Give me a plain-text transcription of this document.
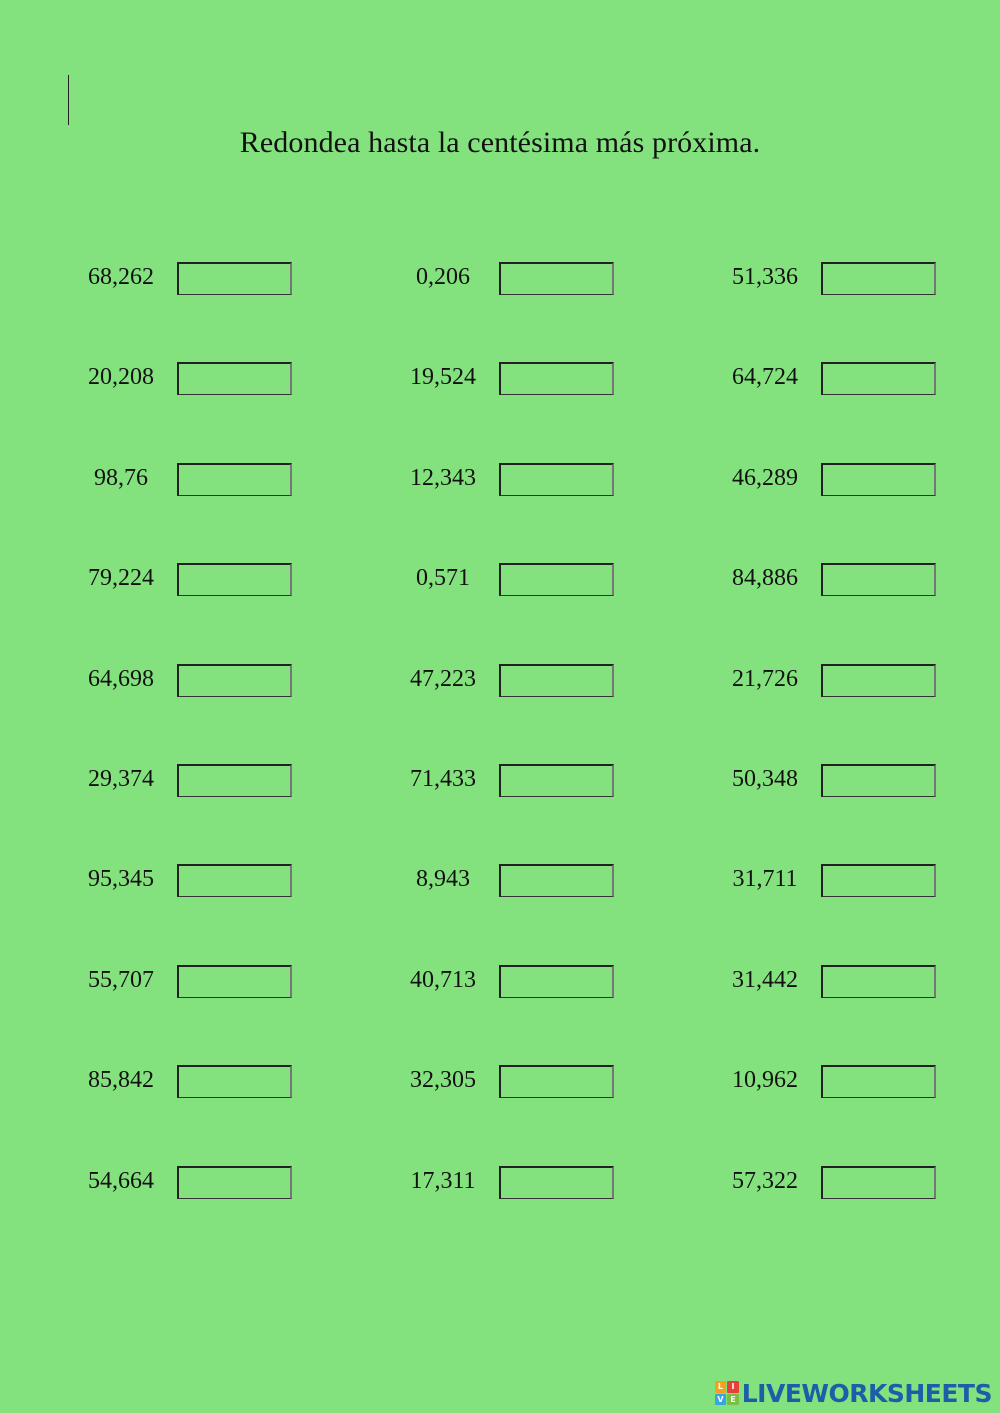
Redondea hasta la centésima más próxima.
68,262
20,208
98,76
79,224
64,698
29,374
95,345
55,707
85,842
54,664
0,206
19,524
12,343
0,571
47,223
71,433
8,943
40,713
32,305
17,311
51,336
64,724
46,289
84,886
21,726
50,348
31,711
31,442
10,962
57,322
L	I
V E LIVEWORKSHEETS
